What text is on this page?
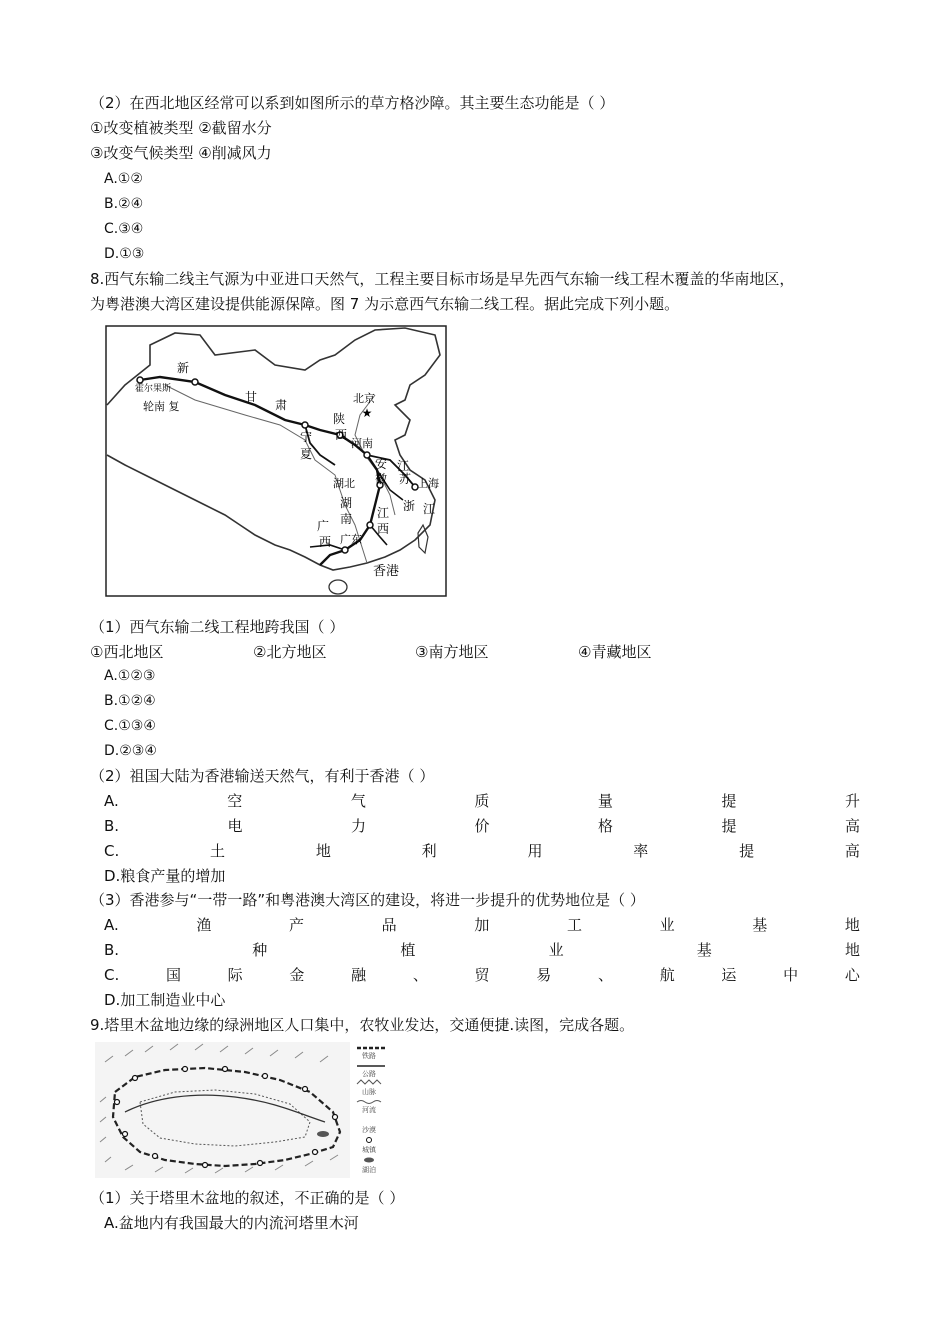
（2）在西北地区经常可以系到如图所示的草方格沙障。其主要生态功能是（ ）
①改变植被类型 ②截留水分
③改变气候类型 ④削减风力
A.①②
B.②④
C.③④
D.①③
8.西气东输二线主气源为中亚进口天然气，工程主要目标市场是早先西气东输一线工程木覆盖的华南地区，
为粤港澳大湾区建设提供能源保障。图 7 为示意西气东输二线工程。据此完成下列小题。
★
新
霍尔果斯
轮南 复
甘
肃	北京
陕
西
河南
宁
夏
安
徽
江
苏 上海
湖北
湖
南
浙 江
江
西
广
西 广东
香港
（1）西气东输二线工程地跨我国（ ）
①西北地区	②北方地区	③南方地区	④青藏地区
A.①②③
B.①②④
C.①③④
D.②③④
（2）祖国大陆为香港输送天然气，有利于香港（ ）
A.	空	气	质	量	提	升
B.	电	力	价	格	提	高
C.	土	地	利	用	率	提	高
D.粮食产量的增加
（3）香港参与“一带一路”和粤港澳大湾区的建设，将进一步提升的优势地位是（ ）
A.	渔	产	品	加	工	业	基	地
B.	种	植	业	基	地
C.	国	际	金	融	、	贸	易	、	航	运	中	心
D.加工制造业中心
9.塔里木盆地边缘的绿洲地区人口集中，农牧业发达，交通便捷.读图，完成各题。
铁路
公路
山脉
河流
沙漠
城镇
湖泊
（1）关于塔里木盆地的叙述，不正确的是（ ）
A.盆地内有我国最大的内流河塔里木河
